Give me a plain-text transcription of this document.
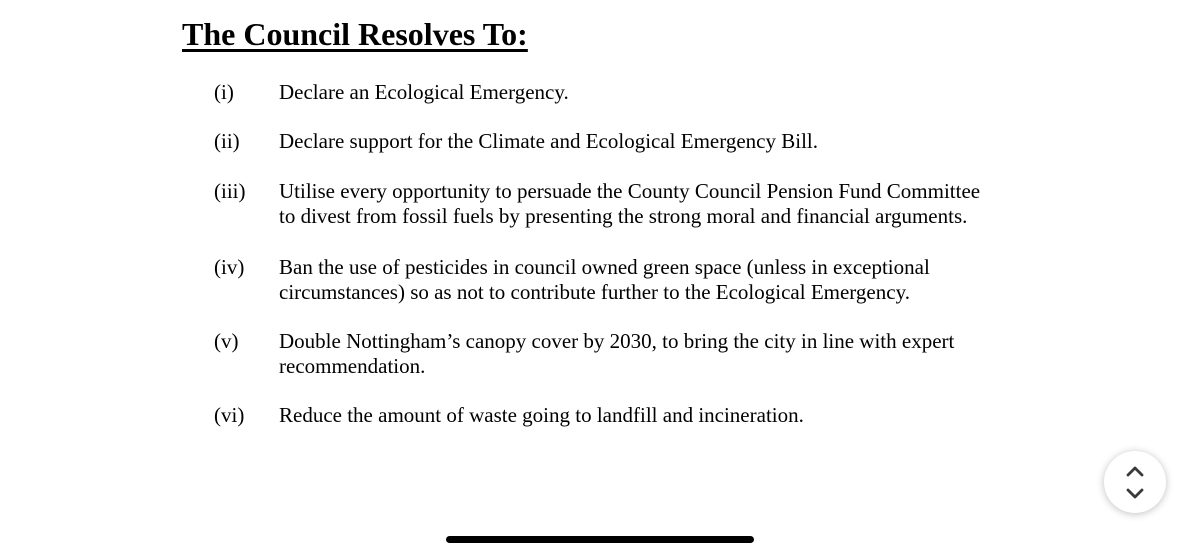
The Council Resolves To:
(i) Declare an Ecological Emergency.
(ii) Declare support for the Climate and Ecological Emergency Bill.
(iii) Utilise every opportunity to persuade the County Council Pension Fund Committee
to divest from fossil fuels by presenting the strong moral and financial arguments.
(iv) Ban the use of pesticides in council owned green space (unless in exceptional
circumstances) so as not to contribute further to the Ecological Emergency.
(v) Double Nottingham’s canopy cover by 2030, to bring the city in line with expert
recommendation.
(vi) Reduce the amount of waste going to landfill and incineration.
